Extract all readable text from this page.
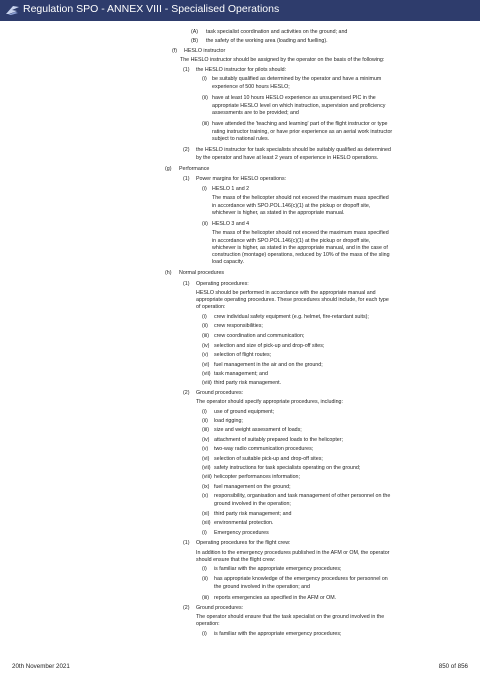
Regulation SPO - ANNEX VIII - Specialised Operations
(A) task specialist coordination and activities on the ground; and
(B) the safety of the working area (loading and fuelling).
(f) HESLO instructor
The HESLO instructor should be assigned by the operator on the basis of the following:
(1) the HESLO instructor for pilots should:
(i) be suitably qualified as determined by the operator and have a minimum
experience of 500 hours HESLO;
(ii) have at least 10 hours HESLO experience as unsupervised PIC in the
appropriate HESLO level on which instruction, supervision and proficiency
assessments are to be provided; and
(iii) have attended the 'teaching and learning' part of the flight instructor or type
rating instructor training, or have prior experience as an aerial work instructor
subject to national rules.
(2) the HESLO instructor for task specialists should be suitably qualified as determined
by the operator and have at least 2 years of experience in HESLO operations.
(g) Performance
(1) Power margins for HESLO operations:
(i) HESLO 1 and 2
The mass of the helicopter should not exceed the maximum mass specified
in accordance with SPO.POL.146(c)(1) at the pickup or dropoff site,
whichever is higher, as stated in the appropriate manual.
(ii) HESLO 3 and 4
The mass of the helicopter should not exceed the maximum mass specified
in accordance with SPO.POL.146(c)(1) at the pickup or dropoff site,
whichever is higher, as stated in the appropriate manual, and in the case of
construction (montage) operations, reduced by 10% of the mass of the sling
load capacity.
(h) Normal procedures
(1) Operating procedures:
HESLO should be performed in accordance with the appropriate manual and
appropriate operating procedures. These procedures should include, for each type
of operation:
(i) crew individual safety equipment (e.g. helmet, fire-retardant suits);
(ii) crew responsibilities;
(iii) crew coordination and communication;
(iv) selection and size of pick-up and drop-off sites;
(v) selection of flight routes;
(vi) fuel management in the air and on the ground;
(vii) task management; and
(viii) third party risk management.
(2) Ground procedures:
The operator should specify appropriate procedures, including:
(i) use of ground equipment;
(ii) load rigging;
(iii) size and weight assessment of loads;
(iv) attachment of suitably prepared loads to the helicopter;
(v) two-way radio communication procedures;
(vi) selection of suitable pick-up and drop-off sites;
(vii) safety instructions for task specialists operating on the ground;
(viii) helicopter performances information;
(ix) fuel management on the ground;
(x) responsibility, organisation and task management of other personnel on the
ground involved in the operation;
(xi) third party risk management; and
(xii) environmental protection.
(i) Emergency procedures
(1) Operating procedures for the flight crew:
In addition to the emergency procedures published in the AFM or OM, the operator
should ensure that the flight crew:
(i) is familiar with the appropriate emergency procedures;
(ii) has appropriate knowledge of the emergency procedures for personnel on
the ground involved in the operation; and
(iii) reports emergencies as specified in the AFM or OM.
(2) Ground procedures:
The operator should ensure that the task specialist on the ground involved in the
operation:
(i) is familiar with the appropriate emergency procedures;
20th November 2021	850 of 856
